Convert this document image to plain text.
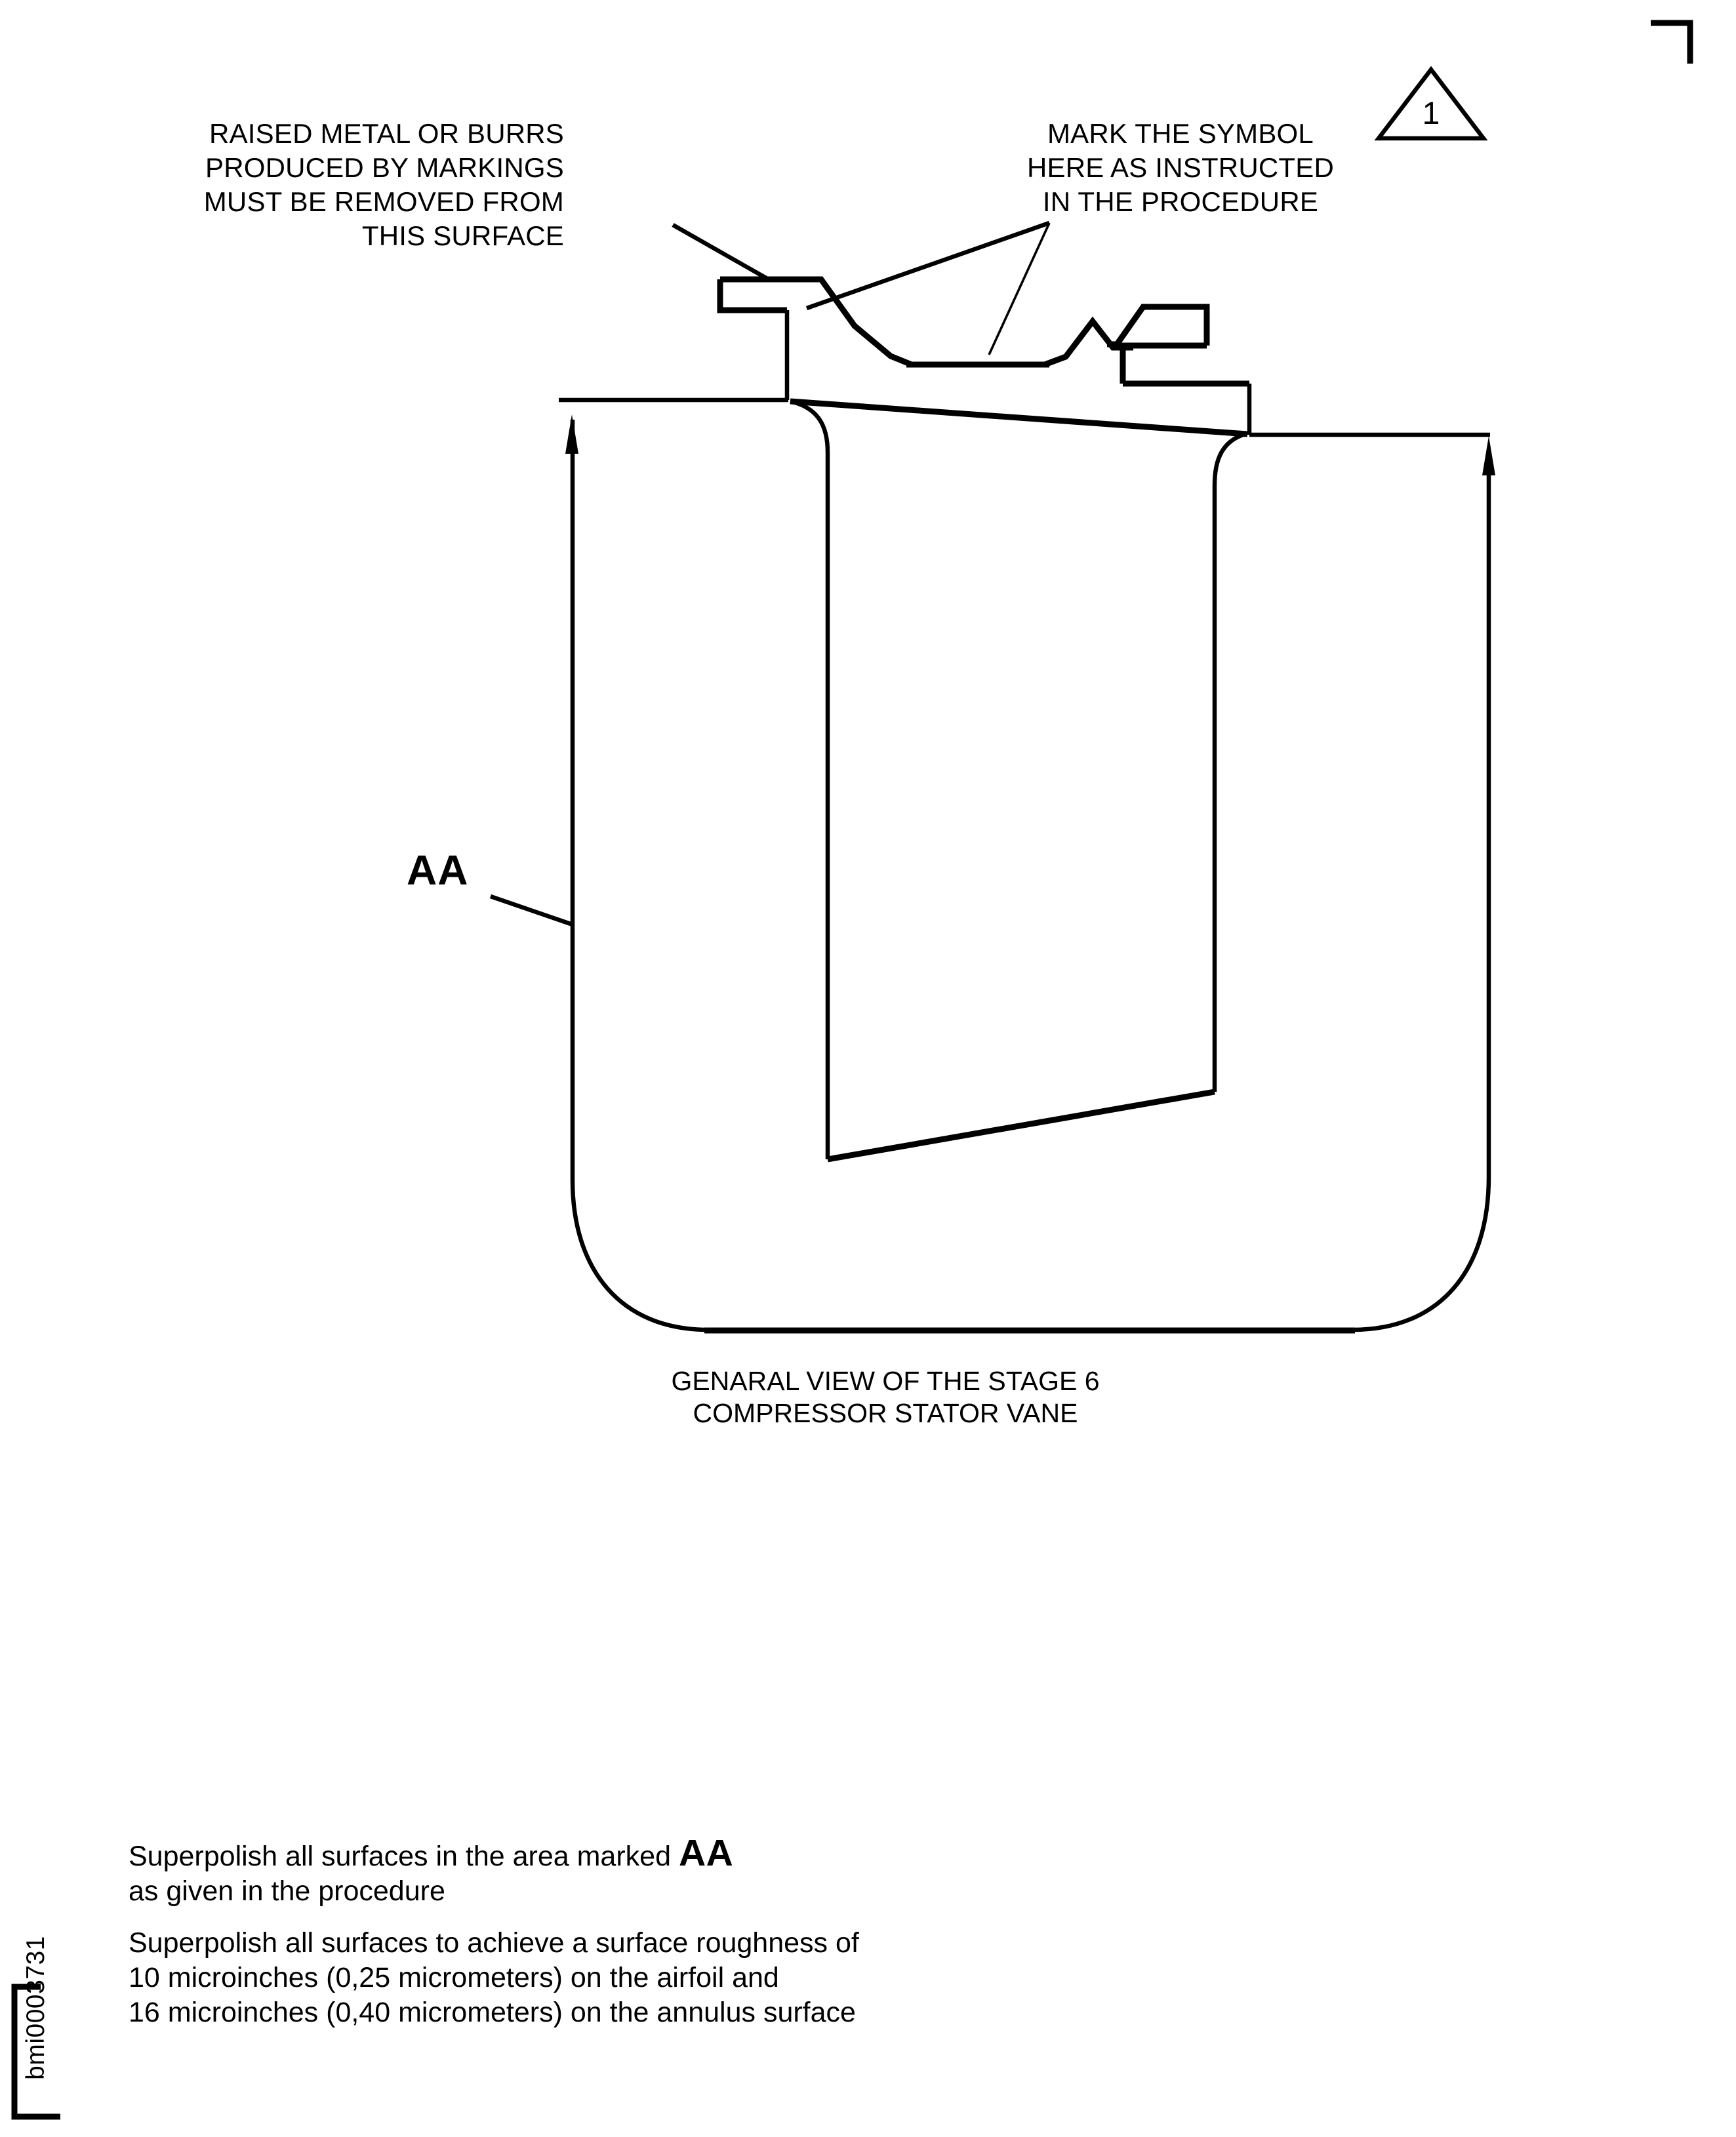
RAISED METAL OR BURRS
PRODUCED BY MARKINGS
MUST BE REMOVED FROM
THIS SURFACE
MARK THE SYMBOL
HERE AS INSTRUCTED
IN THE PROCEDURE
1
AA
GENARAL VIEW OF THE STAGE 6
COMPRESSOR STATOR VANE
Superpolish all surfaces in the area marked AA
as given in the procedure
Superpolish all surfaces to achieve a surface roughness of
10 microinches (0,25 micrometers) on the airfoil and
16 microinches (0,40 micrometers) on the annulus surface
bmi0003731
